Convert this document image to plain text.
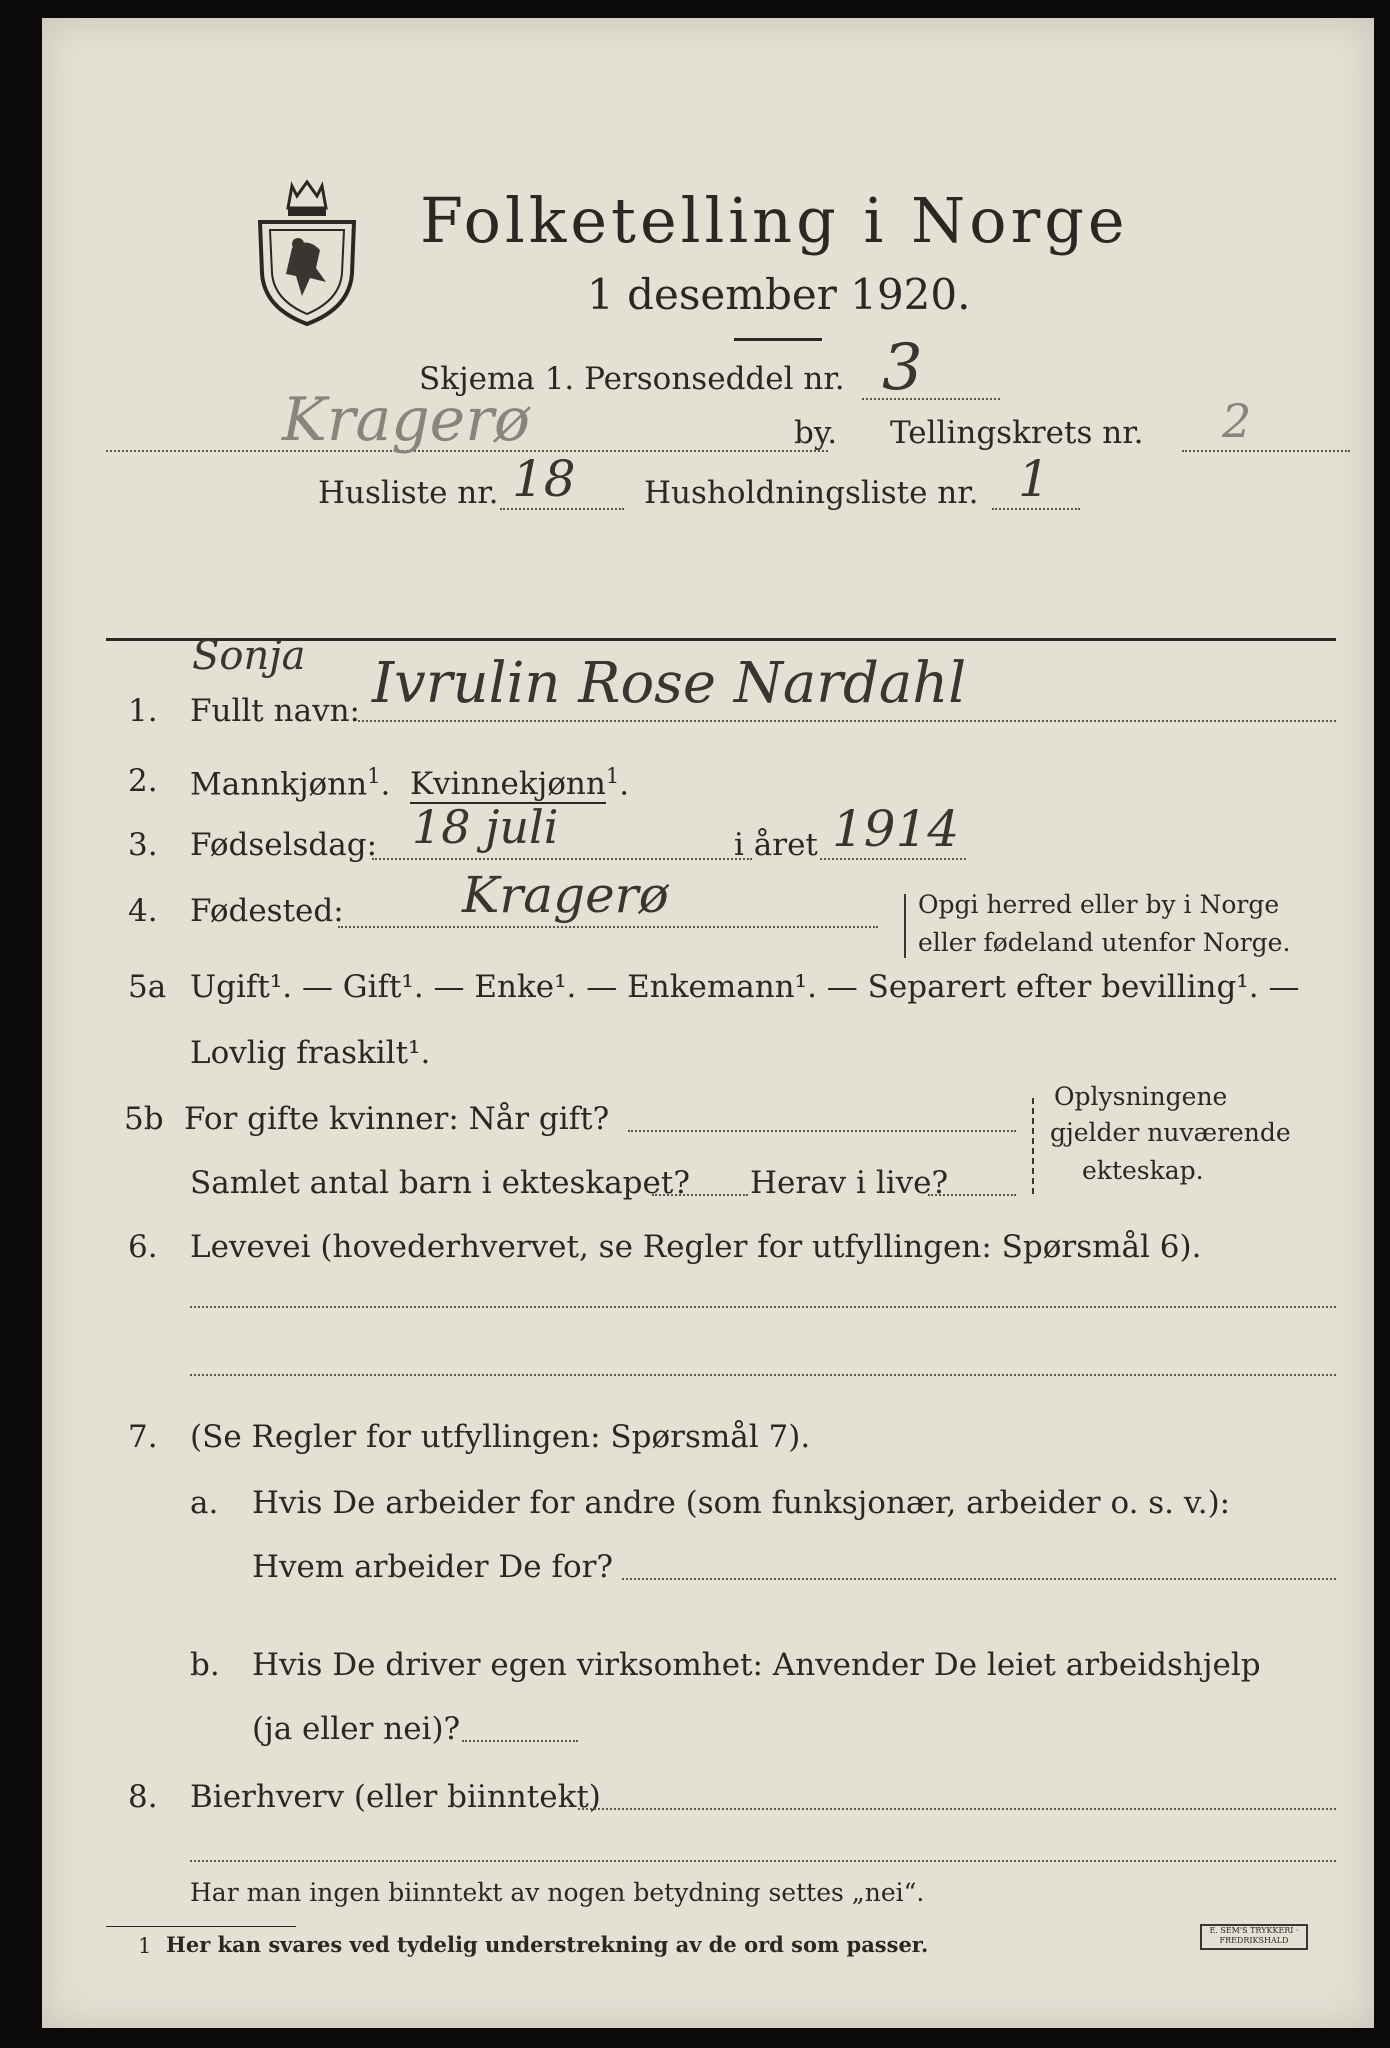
Folketelling i Norge
1 desember 1920.
Skjema 1. Personseddel nr. 3
Kragerø	by. Tellingskrets nr. 2
Husliste nr. 18 Husholdningsliste nr. 1
Sonja
1. Fullt navn: Ivrulin Rose Nardahl
2. Mannkjønn$^1$. Kvinnekjønn$^1$.
3. Fødselsdag: 18 juli	i året 1914
4. Fødested: Kragerø	Opgi herred eller by i Norge
eller fødeland utenfor Norge.
5a Ugift¹. — Gift¹. — Enke¹. — Enkemann¹. — Separert efter bevilling¹. —
Lovlig fraskilt¹.
5b For gifte kvinner: Når gift?
Samlet antal barn i ekteskapet? Herav i live?
Oplysningene
gjelder nuværende
ekteskap.
6. Levevei (hovederhvervet, se Regler for utfyllingen: Spørsmål 6).
7. (Se Regler for utfyllingen: Spørsmål 7).
a. Hvis De arbeider for andre (som funksjonær, arbeider o. s. v.):
Hvem arbeider De for?
b. Hvis De driver egen virksomhet: Anvender De leiet arbeidshjelp
(ja eller nei)?
8. Bierhverv (eller biinntekt)
Har man ingen biinntekt av nogen betydning settes „nei“.
1 Her kan svares ved tydelig understrekning av de ord som passer.
E. SEM'S TRYKKERI · FREDRIKSHALD
